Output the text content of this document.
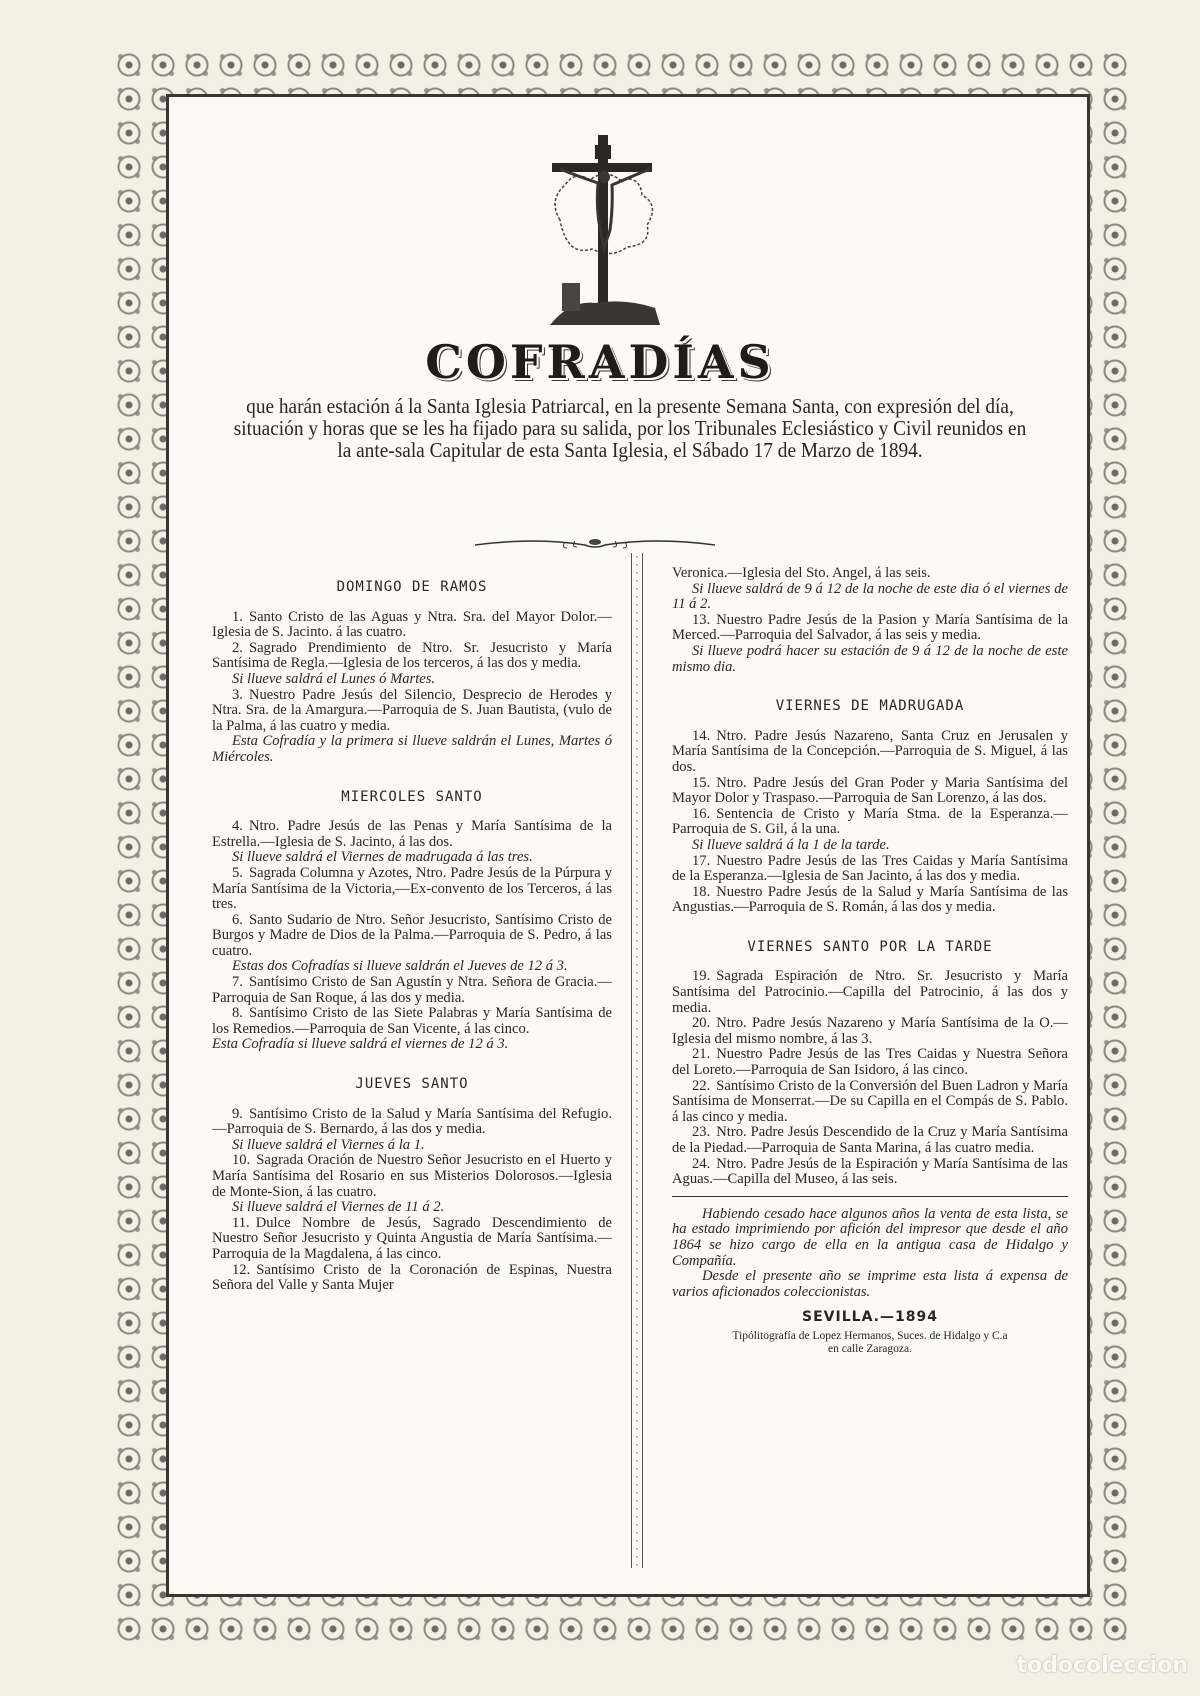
COFRADÍAS
que harán estación á la Santa Iglesia Patriarcal, en la presente Semana Santa, con expresión del día, situación y horas que se les ha fijado para su salida, por los Tribunales Eclesiástico y Civil reunidos en la ante-sala Capitular de esta Santa Iglesia, el Sábado 17 de Marzo de 1894.
DOMINGO DE RAMOS

1. Santo Cristo de las Aguas y Ntra. Sra. del Mayor Dolor.—Iglesia de S. Jacinto. á las cuatro.

2. Sagrado Prendimiento de Ntro. Sr. Jesucristo y María Santísima de Regla.—Iglesia de los terceros, á las dos y media.

Si llueve saldrá el Lunes ó Martes.

3. Nuestro Padre Jesús del Silencio, Desprecio de Herodes y Ntra. Sra. de la Amargura.—Parroquia de S. Juan Bautista, (vulo de la Palma, á las cuatro y media.

Esta Cofradía y la primera si llueve saldrán el Lunes, Martes ó Miércoles.

MIERCOLES SANTO

4. Ntro. Padre Jesús de las Penas y María Santísima de la Estrella.—Iglesia de S. Jacinto, á las dos.

Si llueve saldrá el Viernes de madrugada á las tres.

5. Sagrada Columna y Azotes, Ntro. Padre Jesús de la Púrpura y María Santísima de la Victoria,—Ex-convento de los Terceros, á las tres.

6. Santo Sudario de Ntro. Señor Jesucristo, Santísimo Cristo de Burgos y Madre de Dios de la Palma.—Parroquia de S. Pedro, á las cuatro.

Estas dos Cofradías si llueve saldrán el Jueves de 12 á 3.

7. Santísimo Cristo de San Agustín y Ntra. Señora de Gracia.—Parroquia de San Roque, á las dos y media.

8. Santísimo Cristo de las Siete Palabras y María Santísima de los Remedios.—Parroquia de San Vicente, á las cinco.

Esta Cofradía si llueve saldrá el viernes de 12 á 3.

JUEVES SANTO

9. Santísimo Cristo de la Salud y María Santísima del Refugio.—Parroquia de S. Bernardo, á las dos y media.

Si llueve saldrá el Viernes á la 1.

10. Sagrada Oración de Nuestro Señor Jesucristo en el Huerto y María Santísima del Rosario en sus Misterios Dolorosos.—Iglesia de Monte-Sion, á las cuatro.

Si llueve saldrá el Viernes de 11 á 2.

11. Dulce Nombre de Jesús, Sagrado Descendimiento de Nuestro Señor Jesucristo y Quinta Angustia de María Santísima.—Parroquia de la Magdalena, á las cinco.

12. Santísimo Cristo de la Coronación de Espinas, Nuestra Señora del Valle y Santa Mujer

Veronica.—Iglesia del Sto. Angel, á las seis.

Si llueve saldrá de 9 á 12 de la noche de este dia ó el viernes de 11 á 2.

13. Nuestro Padre Jesús de la Pasion y María Santísima de la Merced.—Parroquia del Salvador, á las seis y media.

Si llueve podrá hacer su estación de 9 á 12 de la noche de este mismo dia.

VIERNES DE MADRUGADA

14. Ntro. Padre Jesús Nazareno, Santa Cruz en Jerusalen y María Santísima de la Concepción.—Parroquia de S. Miguel, á las dos.

15. Ntro. Padre Jesús del Gran Poder y Maria Santísima del Mayor Dolor y Traspaso.—Parroquia de San Lorenzo, á las dos.

16. Sentencia de Cristo y María Stma. de la Esperanza.—Parroquia de S. Gil, á la una.

Si llueve saldrá á la 1 de la tarde.

17. Nuestro Padre Jesús de las Tres Caidas y María Santísima de la Esperanza.—Iglesia de San Jacinto, á las dos y media.

18. Nuestro Padre Jesús de la Salud y María Santísima de las Angustias.—Parroquia de S. Román, á las dos y media.

VIERNES SANTO POR LA TARDE

19. Sagrada Espiración de Ntro. Sr. Jesucristo y María Santísima del Patrocinio.—Capilla del Patrocinio, á las dos y media.

20. Ntro. Padre Jesús Nazareno y María Santísima de la O.—Iglesia del mismo nombre, á las 3.

21. Nuestro Padre Jesús de las Tres Caidas y Nuestra Señora del Loreto.—Parroquia de San Isidoro, á las cinco.

22. Santísimo Cristo de la Conversión del Buen Ladron y María Santísima de Monserrat.—De su Capilla en el Compás de S. Pablo. á las cinco y media.

23. Ntro. Padre Jesús Descendido de la Cruz y María Santísima de la Piedad.—Parroquia de Santa Marina, á las cuatro media.

24. Ntro. Padre Jesús de la Espiración y María Santísima de las Aguas.—Capilla del Museo, á las seis.

Habiendo cesado hace algunos años la venta de esta lista, se ha estado imprimiendo por afición del impresor que desde el año 1864 se hizo cargo de ella en la antigua casa de Hidalgo y Compañía.

Desde el presente año se imprime esta lista á expensa de varios aficionados coleccionistas.

SEVILLA.—1894
Tipólitografía de Lopez Hermanos, Suces. de Hidalgo y C.a
en calle Zaragoza.
todocoleccion
